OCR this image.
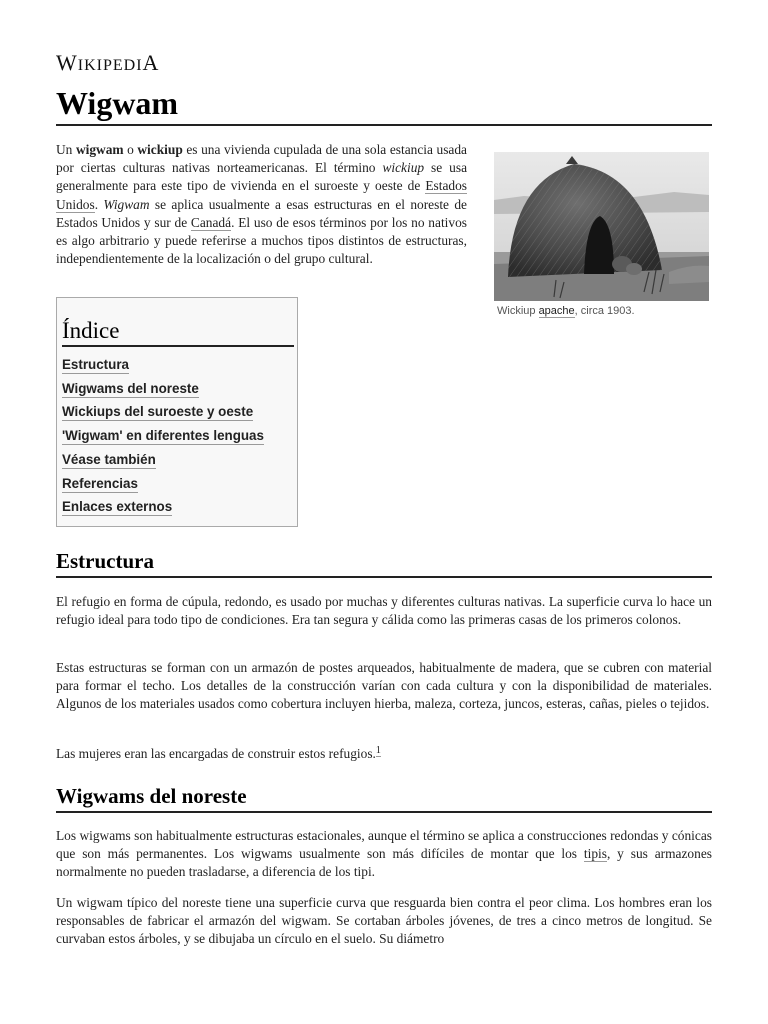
WIKIPEDIA
Wigwam

Un wigwam o wickiup es una vivienda cupulada de una sola estancia usada por ciertas culturas nativas norteamericanas. El término wickiup se usa generalmente para este tipo de vivienda en el suroeste y oeste de Estados Unidos. Wigwam se aplica usualmente a esas estructuras en el noreste de Estados Unidos y sur de Canadá. El uso de esos términos por los no nativos es algo arbitrario y puede referirse a muchos tipos distintos de estructuras, independientemente de la localización o del grupo cultural.

Wickiup apache, circa 1903.
Índice
Estructura
Wigwams del noreste
Wickiups del suroeste y oeste
'Wigwam' en diferentes lenguas
Véase también
Referencias
Enlaces externos
Estructura

El refugio en forma de cúpula, redondo, es usado por muchas y diferentes culturas nativas. La superficie curva lo hace un refugio ideal para todo tipo de condiciones. Era tan segura y cálida como las primeras casas de los primeros colonos.

Estas estructuras se forman con un armazón de postes arqueados, habitualmente de madera, que se cubren con material para formar el techo. Los detalles de la construcción varían con cada cultura y con la disponibilidad de materiales. Algunos de los materiales usados como cobertura incluyen hierba, maleza, corteza, juncos, esteras, cañas, pieles o tejidos.

Las mujeres eran las encargadas de construir estos refugios.$^1$

Wigwams del noreste

Los wigwams son habitualmente estructuras estacionales, aunque el término se aplica a construcciones redondas y cónicas que son más permanentes. Los wigwams usualmente son más difíciles de montar que los tipis, y sus armazones normalmente no pueden trasladarse, a diferencia de los tipi.

Un wigwam típico del noreste tiene una superficie curva que resguarda bien contra el peor clima. Los hombres eran los responsables de fabricar el armazón del wigwam. Se cortaban árboles jóvenes, de tres a cinco metros de longitud. Se curvaban estos árboles, y se dibujaba un círculo en el suelo. Su diámetro
